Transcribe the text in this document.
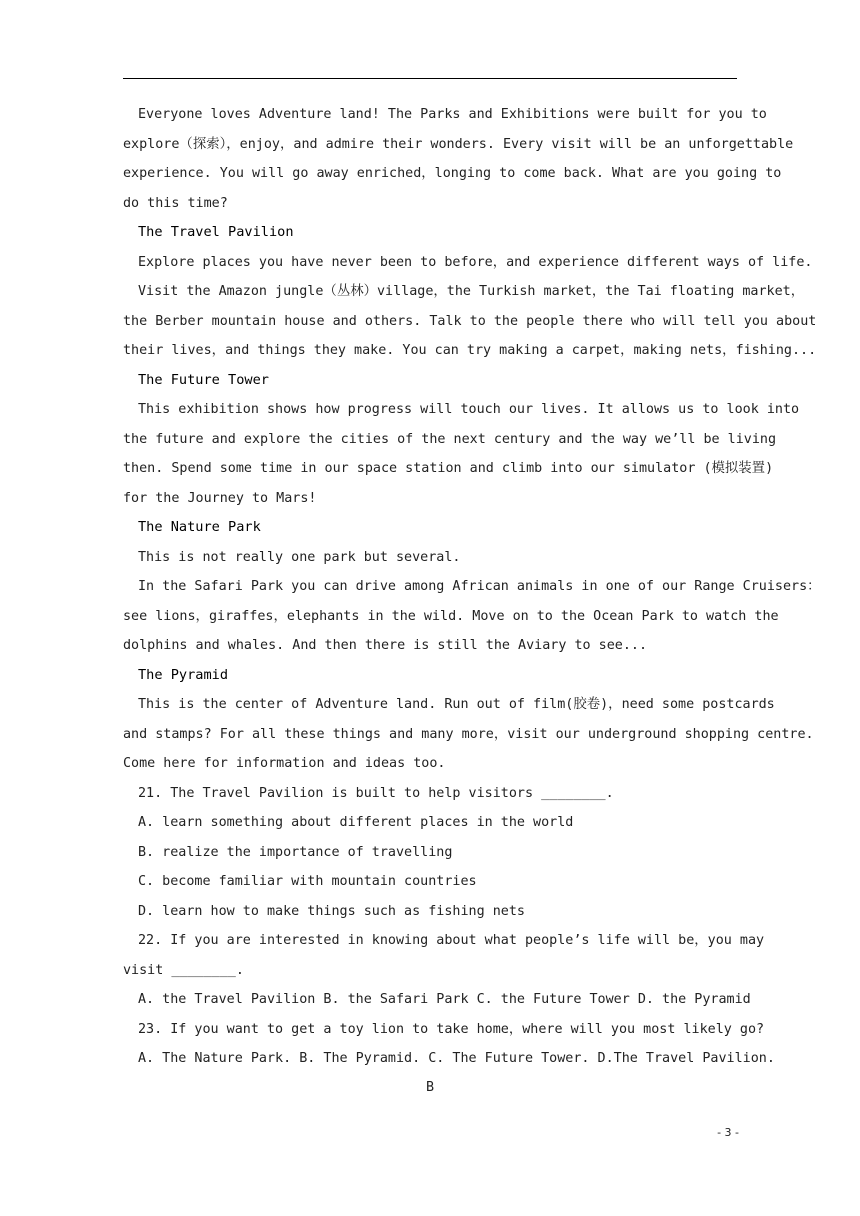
Everyone loves Adventure land! The Parks and Exhibitions were built for you to
explore（探索），enjoy，and admire their wonders. Every visit will be an unforgettable
experience. You will go away enriched，longing to come back. What are you going to
do this time?
The Travel Pavilion
Explore places you have never been to before，and experience different ways of life.
Visit the Amazon jungle（丛林）village，the Turkish market，the Tai floating market，
the Berber mountain house and others. Talk to the people there who will tell you about
their lives，and things they make. You can try making a carpet，making nets，fishing...
The Future Tower
This exhibition shows how progress will touch our lives. It allows us to look into
the future and explore the cities of the next century and the way we’ll be living
then. Spend some time in our space station and climb into our simulator (模拟装置)
for the Journey to Mars!
The Nature Park
This is not really one park but several.
In the Safari Park you can drive among African animals in one of our Range Cruisers：
see lions，giraffes，elephants in the wild. Move on to the Ocean Park to watch the
dolphins and whales. And then there is still the Aviary to see...
The Pyramid
This is the center of Adventure land. Run out of film(胶卷)，need some postcards
and stamps? For all these things and many more，visit our underground shopping centre.
Come here for information and ideas too.
21. The Travel Pavilion is built to help visitors ________.
A. learn something about different places in the world
B. realize the importance of travelling
C. become familiar with mountain countries
D. learn how to make things such as fishing nets
22. If you are interested in knowing about what people’s life will be，you may
visit ________.
A. the Travel Pavilion B. the Safari Park C. the Future Tower D. the Pyramid
23. If you want to get a toy lion to take home，where will you most likely go?
A. The Nature Park. B. The Pyramid. C. The Future Tower. D.The Travel Pavilion.
B
- 3 -
